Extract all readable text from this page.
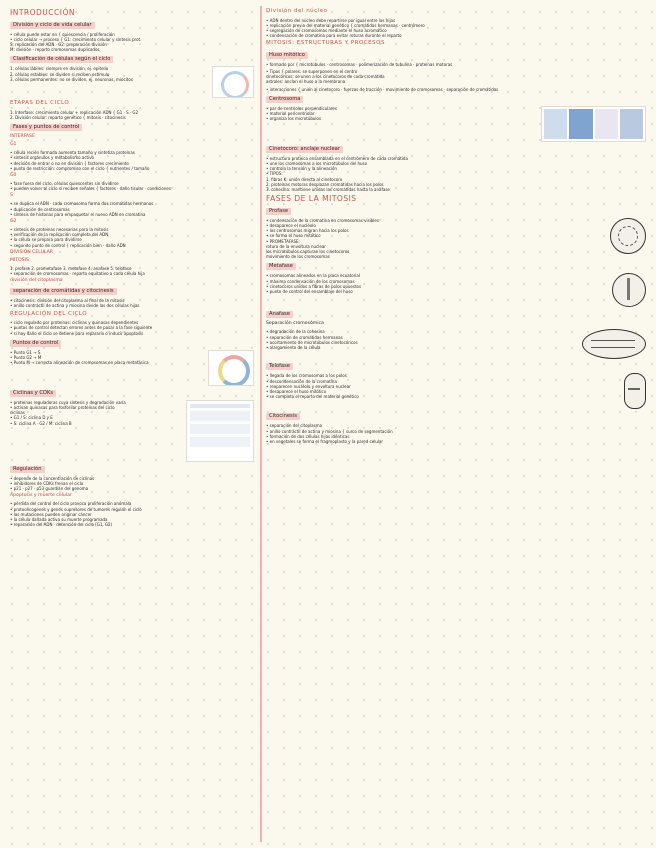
INTRODUCCIÓN
División y ciclo de vida celular
• célula puede estar en { quiescencia / proliferación
• ciclo celular → proceso { G1: crecimiento celular y síntesis prot.
S: replicación del ADN · G2: preparación división
M: división · reparto cromosomas duplicados
Clasificación de células según el ciclo
1. células lábiles: siempre en división, ej. epitelio
2. células estables: se dividen si reciben estímulo
3. células permanentes: no se dividen, ej. neuronas, miocitos
ETAPAS DEL CICLO
1. Interfase: crecimiento celular + replicación ADN { G1 · S · G2
2. División celular: reparto genético { mitosis · citocinesis
Fases y puntos de control
INTERFASE
G1
• célula recién formada aumenta tamaño y sintetiza proteínas
• síntesis orgánulos y metabolismo activo
• decisión de entrar o no en división { factores crecimiento
• punto de restricción: compromiso con el ciclo { nutrientes / tamaño
G0
• fase fuera del ciclo, células quiescentes sin dividirse
• pueden volver al ciclo si reciben señales { factores · daño tisular · condiciones
S
• se duplica el ADN · cada cromosoma forma dos cromátidas hermanas
• duplicación de centrosomas
• síntesis de histonas para empaquetar el nuevo ADN en cromatina
G2
• síntesis de proteínas necesarias para la mitosis
• verificación de la replicación completa del ADN
• la célula se prepara para dividirse
• segundo punto de control { replicación bien · daño ADN
DIVISIÓN CELULAR
MITOSIS
1. profase 2. prometafase 3. metafase 4. anafase 5. telofase
• separación de cromosomas · reparto equitativo a cada célula hija
división del citoplasma
separación de cromátidas y citocinesis
• citocinesis: división del citoplasma al final de la mitosis
• anillo contráctil de actina y miosina divide las dos células hijas
REGULACIÓN DEL CICLO
• ciclo regulado por proteínas: ciclinas y quinasas dependientes
• puntos de control detectan errores antes de pasar a la fase siguiente
• si hay daño el ciclo se detiene para repararlo o inducir apoptosis
Puntos de control
• Punto G1 → S
• Punto G2 → M
• Punto M → correcta alineación de cromosomas en placa metafásica
Ciclinas y CDKs
• proteínas reguladoras cuya síntesis y degradación varía
• activan quinasas para fosforilar proteínas del ciclo
ciclinas
• G1 / S: ciclina D y E
• S: ciclina A · G2 / M: ciclina B
Regulación
• depende de la concentración de ciclinas
• inhibidores de CDKs frenan el ciclo
• p21 · p27 · p53 guardián del genoma
Apoptosis y muerte celular
• pérdida del control del ciclo provoca proliferación anómala
• protooncogenes y genes supresores de tumores regulan el ciclo
• las mutaciones pueden originar cáncer
• la célula dañada activa su muerte programada
• reparación del ADN · detención del ciclo (G1, G2)
División del núcleo
• ADN dentro del núcleo debe repartirse por igual entre las hijas
• replicación previa del material genético { cromátidas hermanas · centrómero
• segregación de cromosomas mediante el huso acromático
• condensación de cromatina para evitar roturas durante el reparto
MITOSIS: ESTRUCTURAS Y PROCESOS
Huso mitótico
• formado por { microtúbulos · centrosomas · polimerización de tubulina · proteínas motoras
• Tipos { polares: se superponen en el centro
cinetocóricos: se unen a los cinetocoros de cada cromátida
astrales: anclan el huso a la membrana
• interacciones { unión al cinetocoro · fuerzas de tracción · movimiento de cromosomas · separación de cromátidas
Centrosoma
• par de centriolos perpendiculares
• material pericentriolar
• organiza los microtúbulos
Cinetocoro: anclaje nuclear
• estructura proteica ensamblada en el centrómero de cada cromátida
• une los cromosomas a los microtúbulos del huso
• controla la tensión y la alineación
• TIPOS:
1. fibras K: unión directa al cinetocoro
2. proteínas motoras desplazan cromátidas hacia los polos
3. cohesina: mantiene unidas las cromátidas hasta la anafase
FASES DE LA MITOSIS
Profase
• condensación de la cromatina en cromosomas visibles
• desaparece el nucléolo
• los centrosomas migran hacia los polos
• se forma el huso mitótico
• PROMETAFASE:
rotura de la envoltura nuclear
los microtúbulos capturan los cinetocoros
movimiento de los cromosomas
Metafase
• cromosomas alineados en la placa ecuatorial
• máxima condensación de los cromosomas
• cinetocoros unidos a fibras de polos opuestos
• punto de control del ensamblaje del huso
Anafase
Separación cromosómica
• degradación de la cohesina
• separación de cromátidas hermanas
• acortamiento de microtúbulos cinetocóricos
• alargamiento de la célula
Telofase
• llegada de los cromosomas a los polos
• descondensación de la cromatina
• reaparecen nucléolo y envoltura nuclear
• desaparece el huso mitótico
• se completa el reparto del material genético
Citocinesis
• separación del citoplasma
• anillo contráctil de actina y miosina { surco de segmentación
• formación de dos células hijas idénticas
• en vegetales se forma el fragmoplasto y la pared celular
